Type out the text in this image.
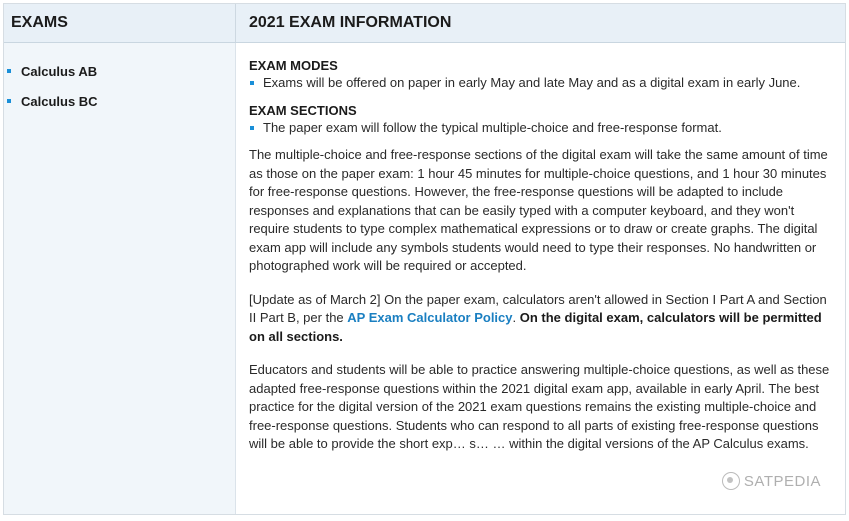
EXAMS	2021 EXAM INFORMATION
Calculus AB
Calculus BC
EXAM MODES
Exams will be offered on paper in early May and late May and as a digital exam in early June.
EXAM SECTIONS
The paper exam will follow the typical multiple-choice and free-response format.

The multiple-choice and free-response sections of the digital exam will take the same amount of time as those on the paper exam: 1 hour 45 minutes for multiple-choice questions, and 1 hour 30 minutes for free-response questions. However, the free-response questions will be adapted to include responses and explanations that can be easily typed with a computer keyboard, and they won't require students to type complex mathematical expressions or to draw or create graphs. The digital exam app will include any symbols students would need to type their responses. No handwritten or photographed work will be required or accepted.

[Update as of March 2] On the paper exam, calculators aren't allowed in Section I Part A and Section II Part B, per the AP Exam Calculator Policy. On the digital exam, calculators will be permitted on all sections.

Educators and students will be able to practice answering multiple-choice questions, as well as these adapted free-response questions within the 2021 digital exam app, available in early April. The best practice for the digital version of the 2021 exam questions remains the existing multiple-choice and free-response questions. Students who can respond to all parts of existing free-response questions will be able to provide the short exp… s… … within the digital versions of the AP Calculus exams.

SATPEDIA
